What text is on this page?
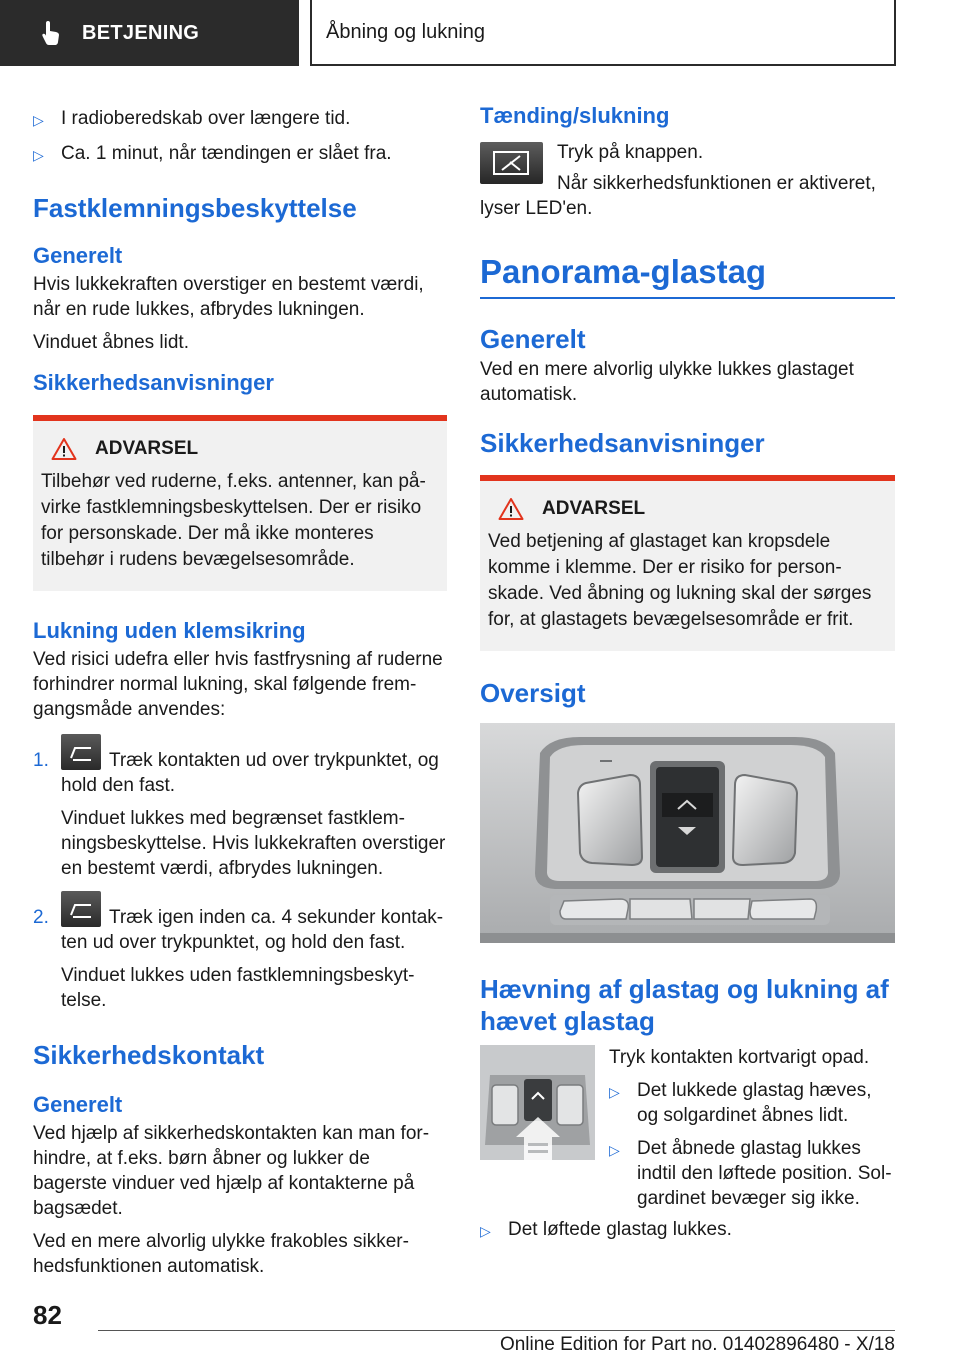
BETJENING	Åbning og lukning
▷ I radioberedskab over længere tid.
▷ Ca. 1 minut, når tændingen er slået fra.
Fastklemningsbeskyttelse
Generelt

Hvis lukkekraften overstiger en bestemt værdi, når en rude lukkes, afbrydes lukningen.

Vinduet åbnes lidt.

Sikkerhedsanvisninger
ADVARSEL

Tilbehør ved ruderne, f.eks. antenner, kan påvirke fastklemningsbeskyttelsen. Der er risiko for personskade. Der må ikke monteres tilbehør i rudens bevægelsesområde.

Lukning uden klemsikring

Ved risici udefra eller hvis fastfrysning af ruderne forhindrer normal lukning, skal følgende fremgangsmåde anvendes:

1.	Træk kontakten ud over trykpunktet, og hold den fast.

Vinduet lukkes med begrænset fastklemningsbeskyttelse. Hvis lukkekraften overstiger en bestemt værdi, afbrydes lukningen.

2.	Træk igen inden ca. 4 sekunder kontakten ud over trykpunktet, og hold den fast.

Vinduet lukkes uden fastklemningsbeskyttelse.

Sikkerhedskontakt
Generelt

Ved hjælp af sikkerhedskontakten kan man forhindre, at f.eks. børn åbner og lukker de bagerste vinduer ved hjælp af kontakterne på bagsædet.

Ved en mere alvorlig ulykke frakobles sikkerhedsfunktionen automatisk.

Tænding/slukning

Tryk på knappen.

Når sikkerhedsfunktionen er aktiveret, lyser LED'en.

Panorama-glastag
Generelt

Ved en mere alvorlig ulykke lukkes glastaget automatisk.

Sikkerhedsanvisninger
ADVARSEL

Ved betjening af glastaget kan kropsdele komme i klemme. Der er risiko for personskade. Ved åbning og lukning skal der sørges for, at glastagets bevægelsesområde er frit.

Oversigt
Hævning af glastag og lukning af hævet glastag

Tryk kontakten kortvarigt opad.

▷ Det lukkede glastag hæves, og solgardinet åbnes lidt.
▷ Det åbnede glastag lukkes indtil den løftede position. Solgardinet bevæger sig ikke.
▷ Det løftede glastag lukkes.
82
Online Edition for Part no. 01402896480 - X/18
